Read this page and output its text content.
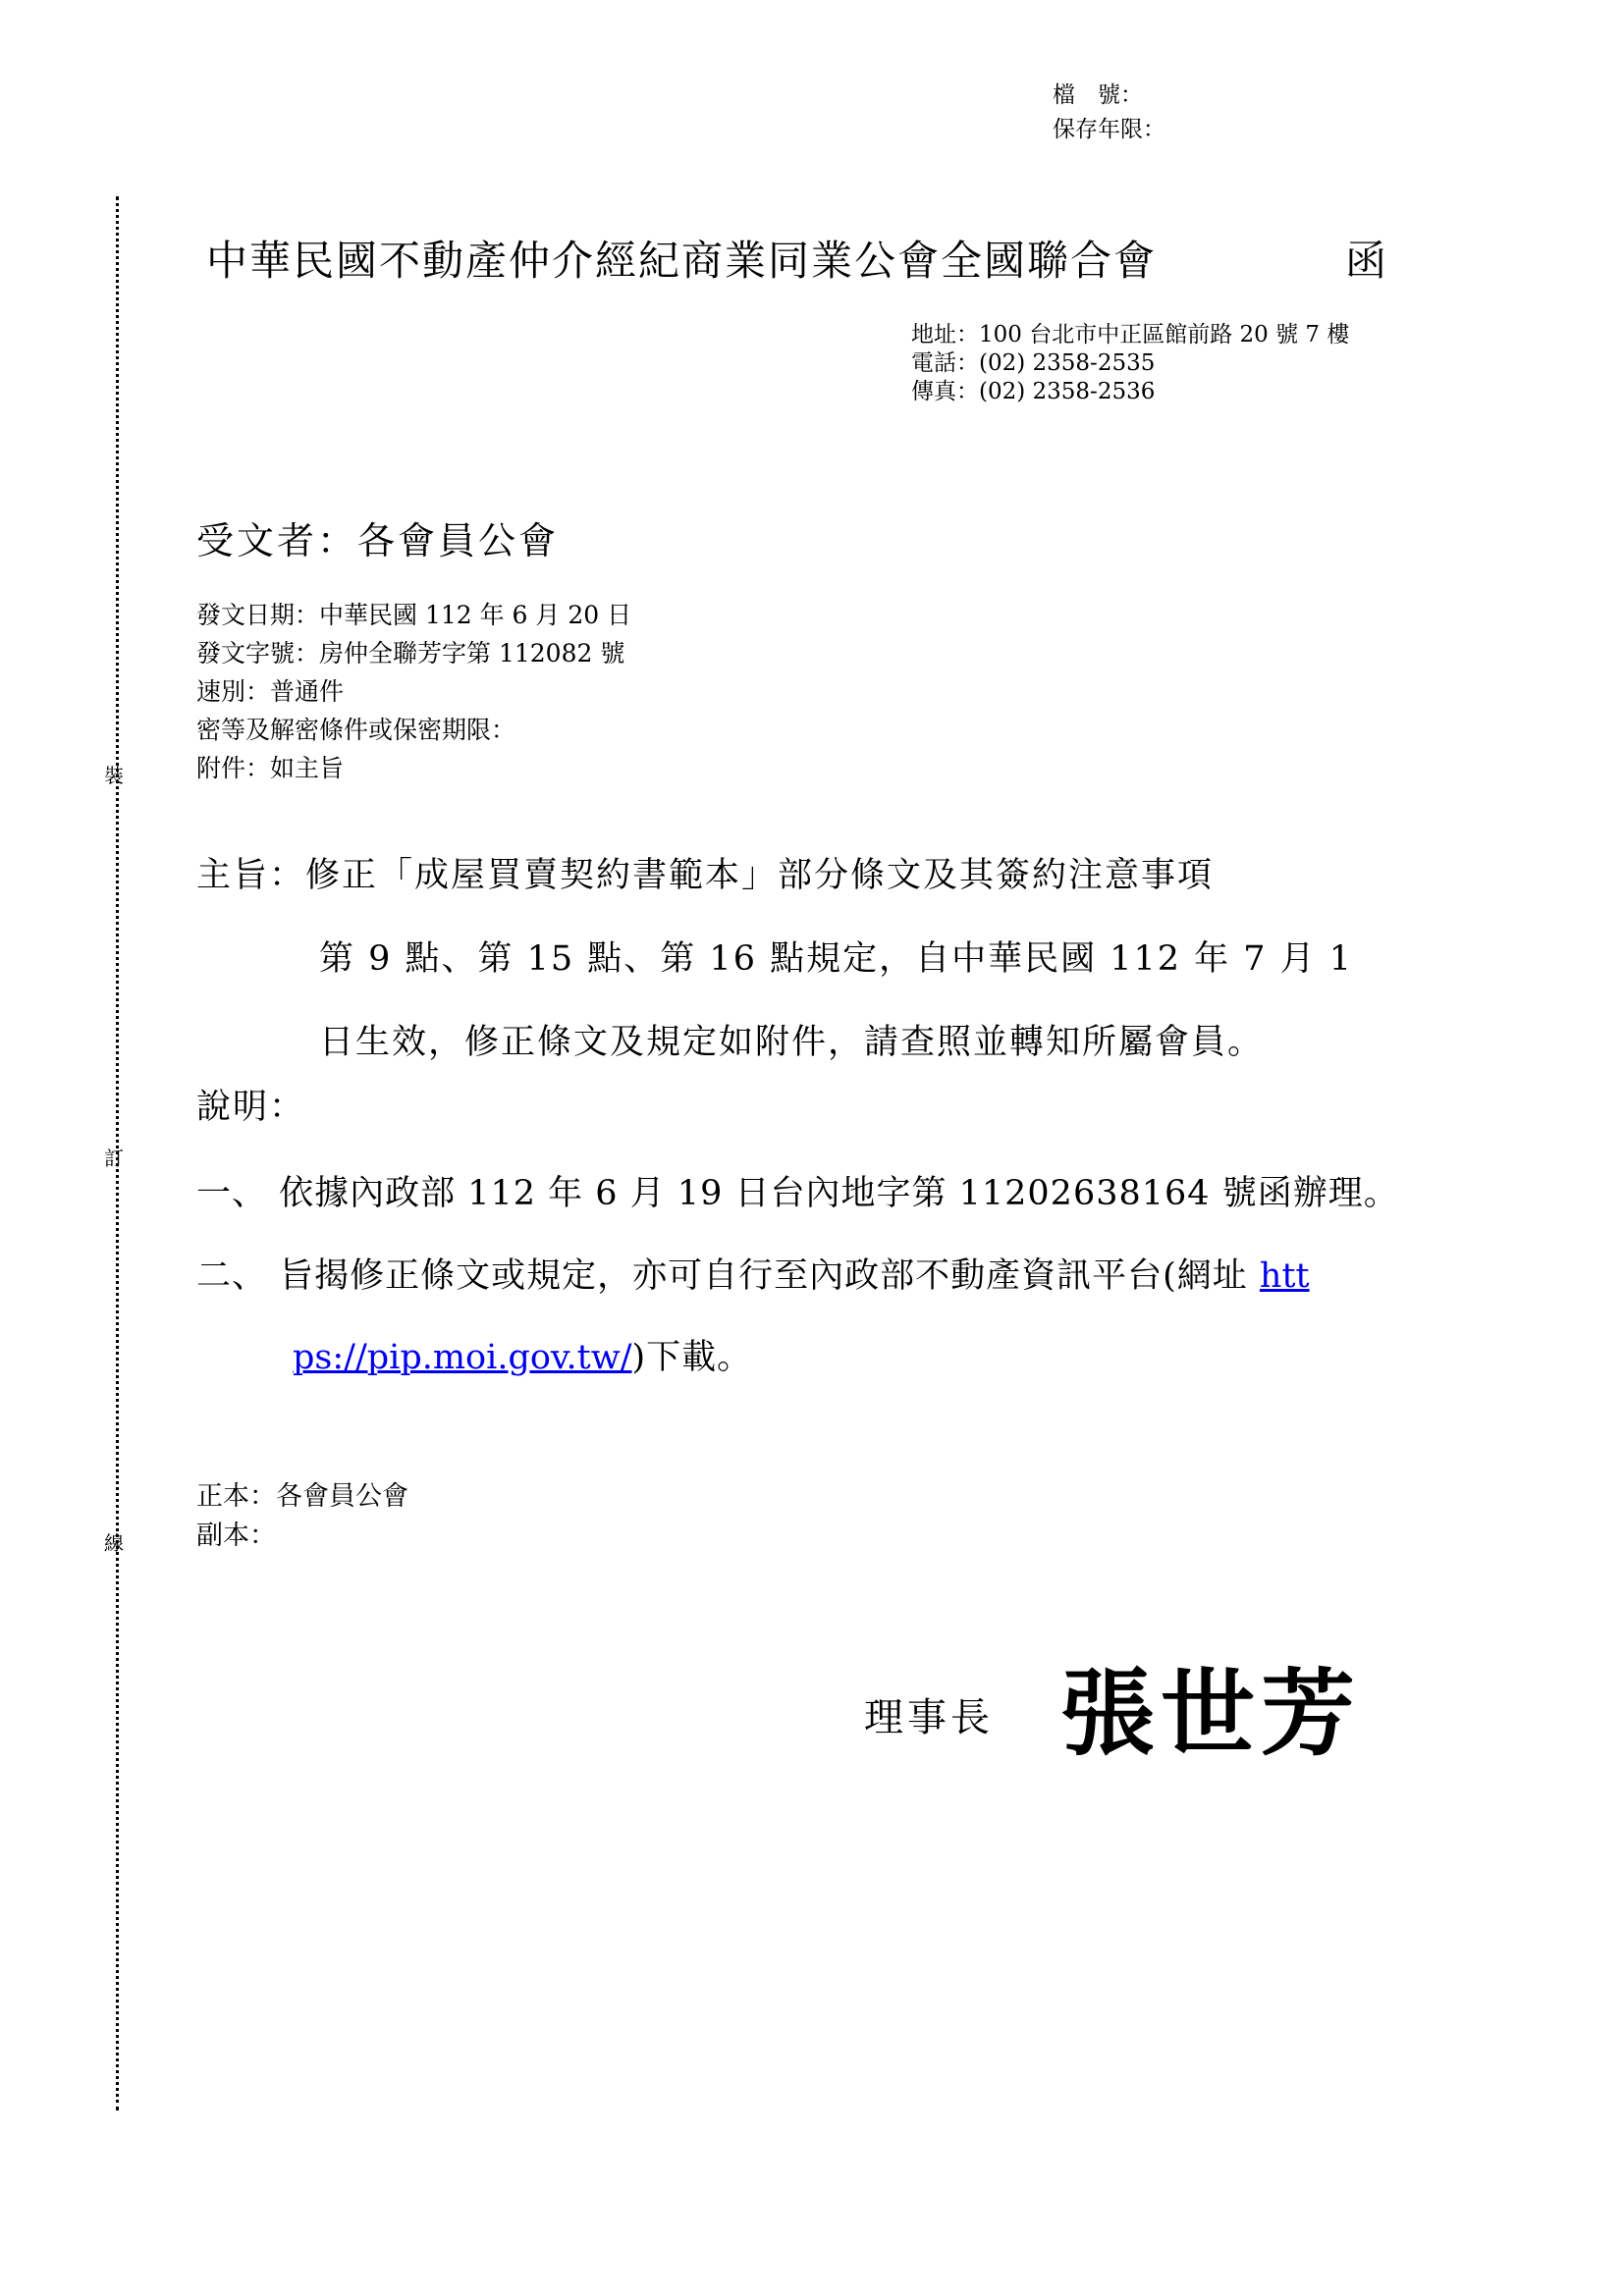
檔　號：
保存年限：
裝
訂
線
中華民國不動產仲介經紀商業同業公會全國聯合會	函
地址：100 台北市中正區館前路 20 號 7 樓
電話：(02) 2358-2535
傳真：(02) 2358-2536
受文者：各會員公會
發文日期：中華民國 112 年 6 月 20 日
發文字號：房仲全聯芳字第 112082 號
速別：普通件
密等及解密條件或保密期限：
附件：如主旨
主旨：修正「成屋買賣契約書範本」部分條文及其簽約注意事項
第 9 點、第 15 點、第 16 點規定，自中華民國 112 年 7 月 1
日生效，修正條文及規定如附件，請查照並轉知所屬會員。
說明：
一、 依據內政部 112 年 6 月 19 日台內地字第 11202638164 號函辦理。
二、 旨揭修正條文或規定，亦可自行至內政部不動產資訊平台(網址 htt
ps://pip.moi.gov.tw/)下載。
正本：各會員公會
副本：
理事長 張世芳
